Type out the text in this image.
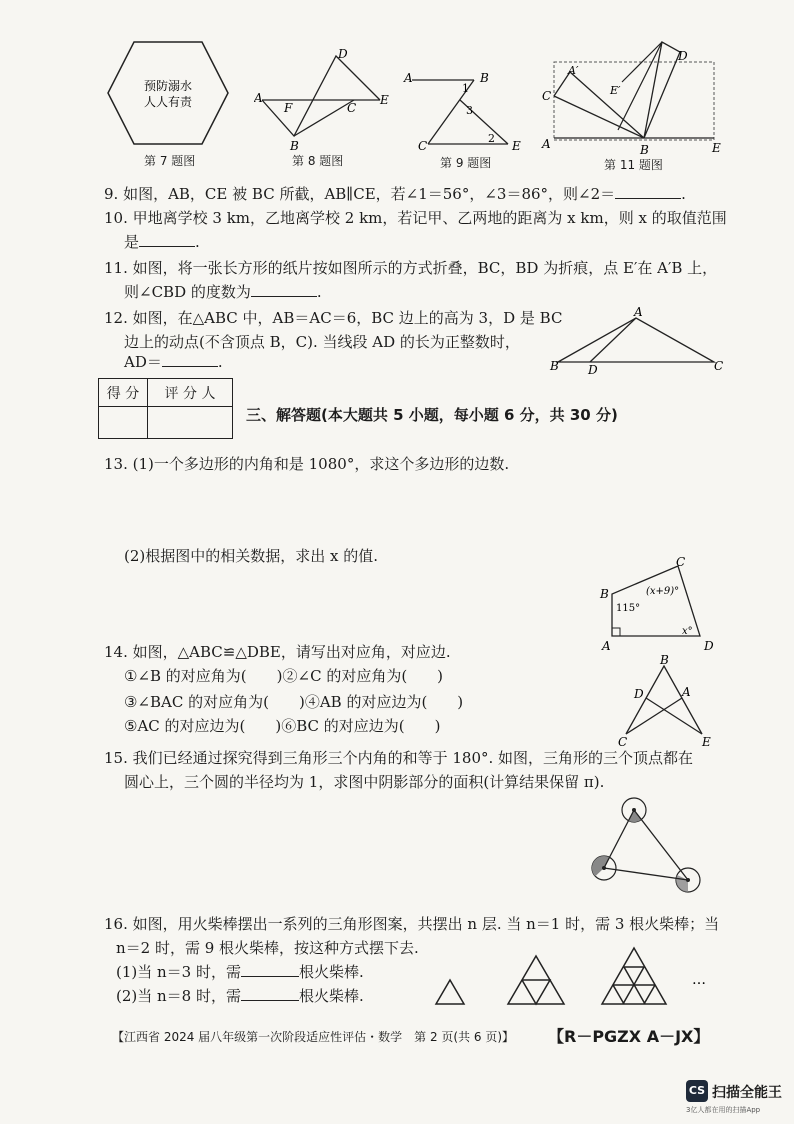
预防溺水
人人有责
第 7 题图
A
B
C
D
E
F
第 8 题图
A	B
C	E
1
2
3
第 9 题图
A	B
C
D
E
A′
E′
第 11 题图
9. 如图，AB，CE 被 BC 所截，AB∥CE，若∠1＝56°，∠3＝86°，则∠2＝	.
10. 甲地离学校 3 km，乙地离学校 2 km，若记甲、乙两地的距离为 x km，则 x 的取值范围
是	.
11. 如图，将一张长方形的纸片按如图所示的方式折叠，BC，BD 为折痕，点 E′在 A′B 上，
则∠CBD 的度数为	.
12. 如图，在△ABC 中，AB＝AC＝6，BC 边上的高为 3，D 是 BC
边上的动点(不含顶点 B，C). 当线段 AD 的长为正整数时，
AD＝	.
A
B D	C
得 分	评 分 人

三、解答题(本大题共 5 小题，每小题 6 分，共 30 分)
13. (1)一个多边形的内角和是 1080°，求这个多边形的边数.
(2)根据图中的相关数据，求出 x 的值.
A
B
C
D
115°
(x+9)°
x°
14. 如图，△ABC≌△DBE，请写出对应角，对应边.
①∠B 的对应角为(　　)②∠C 的对应角为(　　)
③∠BAC 的对应角为(　　)④AB 的对应边为(　　)
⑤AC 的对应边为(　　)⑥BC 的对应边为(　　)
B
D	A
C	E
15. 我们已经通过探究得到三角形三个内角的和等于 180°. 如图，三角形的三个顶点都在
圆心上，三个圆的半径均为 1，求图中阴影部分的面积(计算结果保留 π).
16. 如图，用火柴棒摆出一系列的三角形图案，共摆出 n 层. 当 n＝1 时，需 3 根火柴棒；当
n＝2 时，需 9 根火柴棒，按这种方式摆下去.
(1)当 n＝3 时，需	根火柴棒.
(2)当 n＝8 时，需	根火柴棒.
…
【江西省 2024 届八年级第一次阶段适应性评估・数学　第 2 页(共 6 页)】 【R－PGZX A－JX】
CS 扫描全能王
3亿人都在用的扫描App
